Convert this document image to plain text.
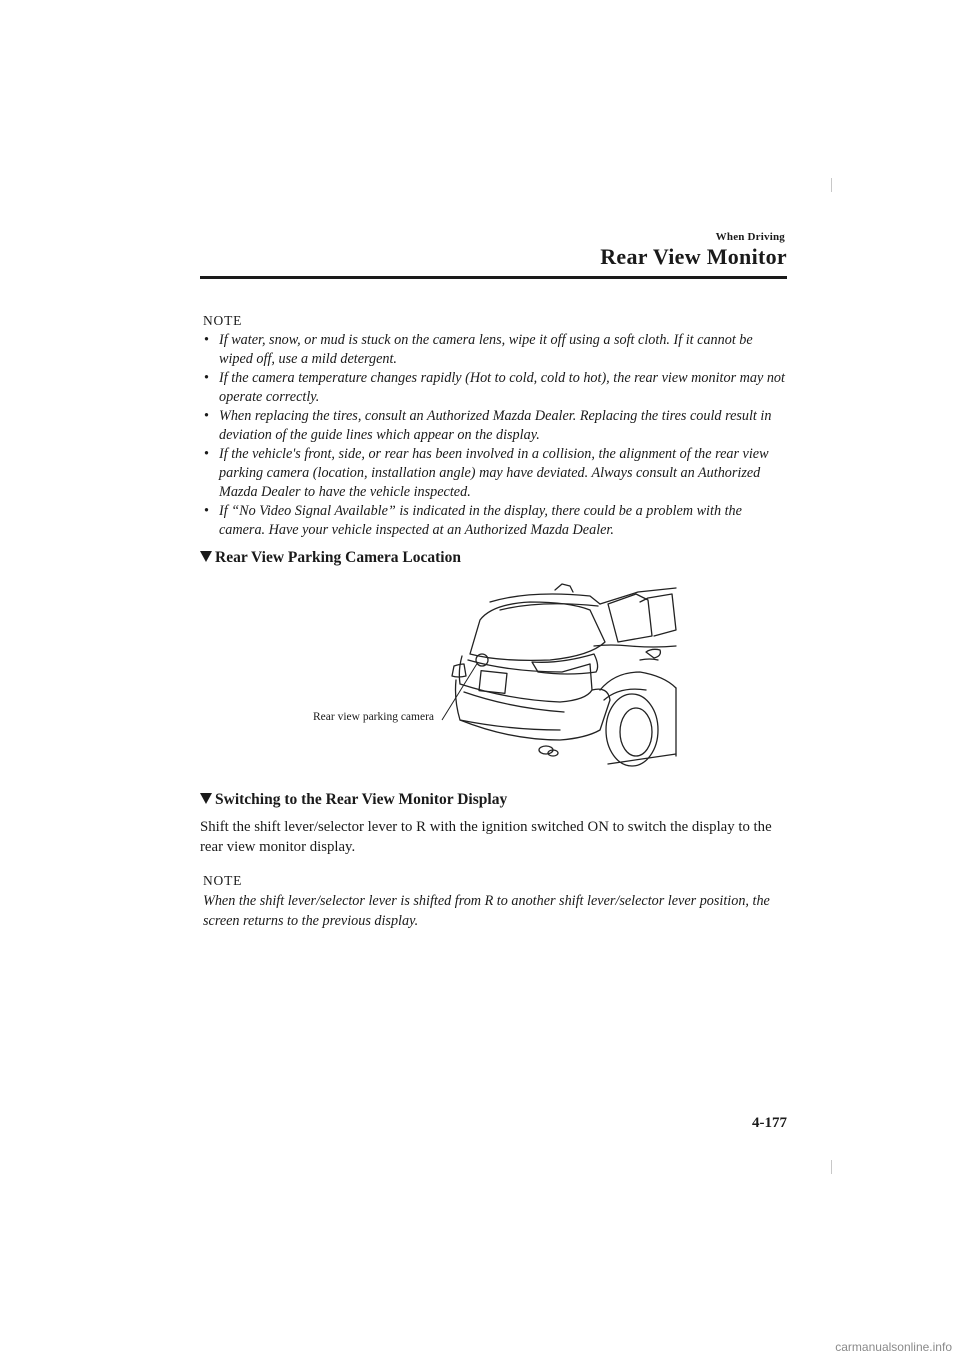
When Driving
Rear View Monitor
NOTE
• If water, snow, or mud is stuck on the camera lens, wipe it off using a soft cloth. If it cannot be wiped off, use a mild detergent.
• If the camera temperature changes rapidly (Hot to cold, cold to hot), the rear view monitor may not operate correctly.
• When replacing the tires, consult an Authorized Mazda Dealer. Replacing the tires could result in deviation of the guide lines which appear on the display.
• If the vehicle's front, side, or rear has been involved in a collision, the alignment of the rear view parking camera (location, installation angle) may have deviated. Always consult an Authorized Mazda Dealer to have the vehicle inspected.
• If “No Video Signal Available” is indicated in the display, there could be a problem with the camera. Have your vehicle inspected at an Authorized Mazda Dealer.
Rear View Parking Camera Location
Rear view parking camera
Switching to the Rear View Monitor Display
Shift the shift lever/selector lever to R with the ignition switched ON to switch the display to the rear view monitor display.
NOTE
When the shift lever/selector lever is shifted from R to another shift lever/selector lever position, the screen returns to the previous display.
4-177
carmanualsonline.info
